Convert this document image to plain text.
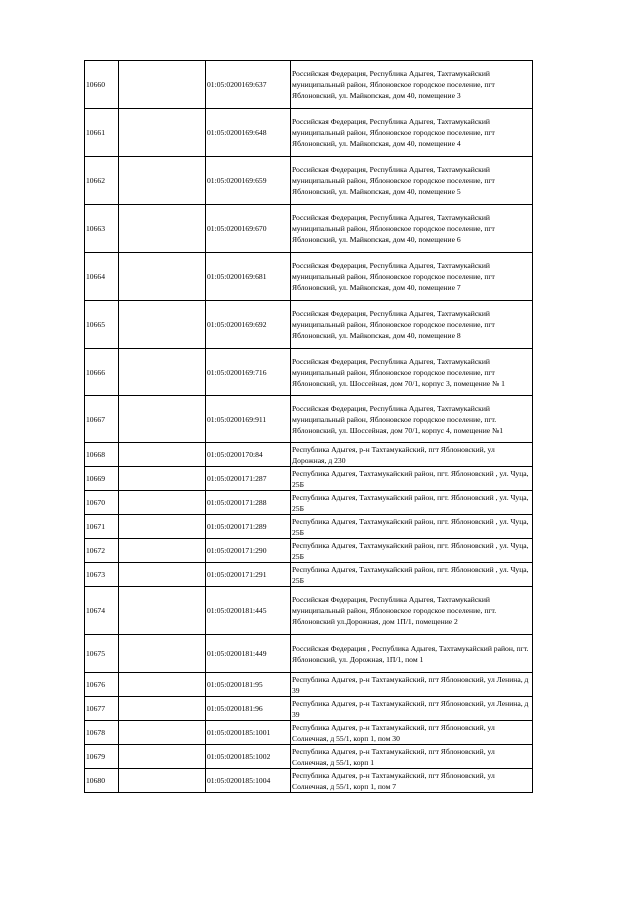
10660		01:05:0200169:637	Российская Федерация, Республика Адыгея, Тахтамукайский муниципальный район, Яблоновское городское поселение, пгт Яблоновский, ул. Майкопская, дом 40, помещение 3
10661		01:05:0200169:648	Российская Федерация, Республика Адыгея, Тахтамукайский муниципальный район, Яблоновское городское поселение, пгт Яблоновский, ул. Майкопская, дом 40, помещение 4
10662		01:05:0200169:659	Российская Федерация, Республика Адыгея, Тахтамукайский муниципальный район, Яблоновское городское поселение, пгт Яблоновский, ул. Майкопская, дом 40, помещение 5
10663		01:05:0200169:670	Российская Федерация, Республика Адыгея, Тахтамукайский муниципальный район, Яблоновское городское поселение, пгт Яблоновский, ул. Майкопская, дом 40, помещение 6
10664		01:05:0200169:681	Российская Федерация, Республика Адыгея, Тахтамукайский муниципальный район, Яблоновское городское поселение, пгт Яблоновский, ул. Майкопская, дом 40, помещение 7
10665		01:05:0200169:692	Российская Федерация, Республика Адыгея, Тахтамукайский муниципальный район, Яблоновское городское поселение, пгт Яблоновский, ул. Майкопская, дом 40, помещение 8
10666		01:05:0200169:716	Российская Федерация, Республика Адыгея, Тахтамукайский муниципальный район, Яблоновское городское поселение, пгт Яблоновский, ул. Шоссейная, дом 70/1, корпус 3, помещение № 1
10667		01:05:0200169:911	Российская Федерация, Республика Адыгея, Тахтамукайский муниципальный район, Яблоновское городское поселение, пгт. Яблоновский, ул. Шоссейная, дом 70/1, корпус 4, помещение №1
10668		01:05:0200170:84	Республика Адыгея, р-н Тахтамукайский, пгт Яблоновский, ул Дорожная, д 230
10669		01:05:0200171:287	Республика Адыгея, Тахтамукайский район, пгт. Яблоновский , ул. Чуца, 25Б
10670		01:05:0200171:288	Республика Адыгея, Тахтамукайский район, пгт. Яблоновский , ул. Чуца, 25Б
10671		01:05:0200171:289	Республика Адыгея, Тахтамукайский район, пгт. Яблоновский , ул. Чуца, 25Б
10672		01:05:0200171:290	Республика Адыгея, Тахтамукайский район, пгт. Яблоновский , ул. Чуца, 25Б
10673		01:05:0200171:291	Республика Адыгея, Тахтамукайский район, пгт. Яблоновский , ул. Чуца, 25Б
10674		01:05:0200181:445	Российская Федерация, Республика Адыгея, Тахтамукайский муниципальный район, Яблоновское городское поселение, пгт. Яблоновский ул.Дорожная, дом 1П/1, помещение 2
10675		01:05:0200181:449	Российская Федерация , Республика Адыгея, Тахтамукайский район, пгт. Яблоновский, ул. Дорожная, 1П/1, пом 1
10676		01:05:0200181:95	Республика Адыгея, р-н Тахтамукайский, пгт Яблоновский, ул Ленина, д 39
10677		01:05:0200181:96	Республика Адыгея, р-н Тахтамукайский, пгт Яблоновский, ул Ленина, д 39
10678		01:05:0200185:1001	Республика Адыгея, р-н Тахтамукайский, пгт Яблоновский, ул Солнечная, д 55/1, корп 1, пом 30
10679		01:05:0200185:1002	Республика Адыгея, р-н Тахтамукайский, пгт Яблоновский, ул Солнечная, д 55/1, корп 1
10680		01:05:0200185:1004	Республика Адыгея, р-н Тахтамукайский, пгт Яблоновский, ул Солнечная, д 55/1, корп 1, пом 7
